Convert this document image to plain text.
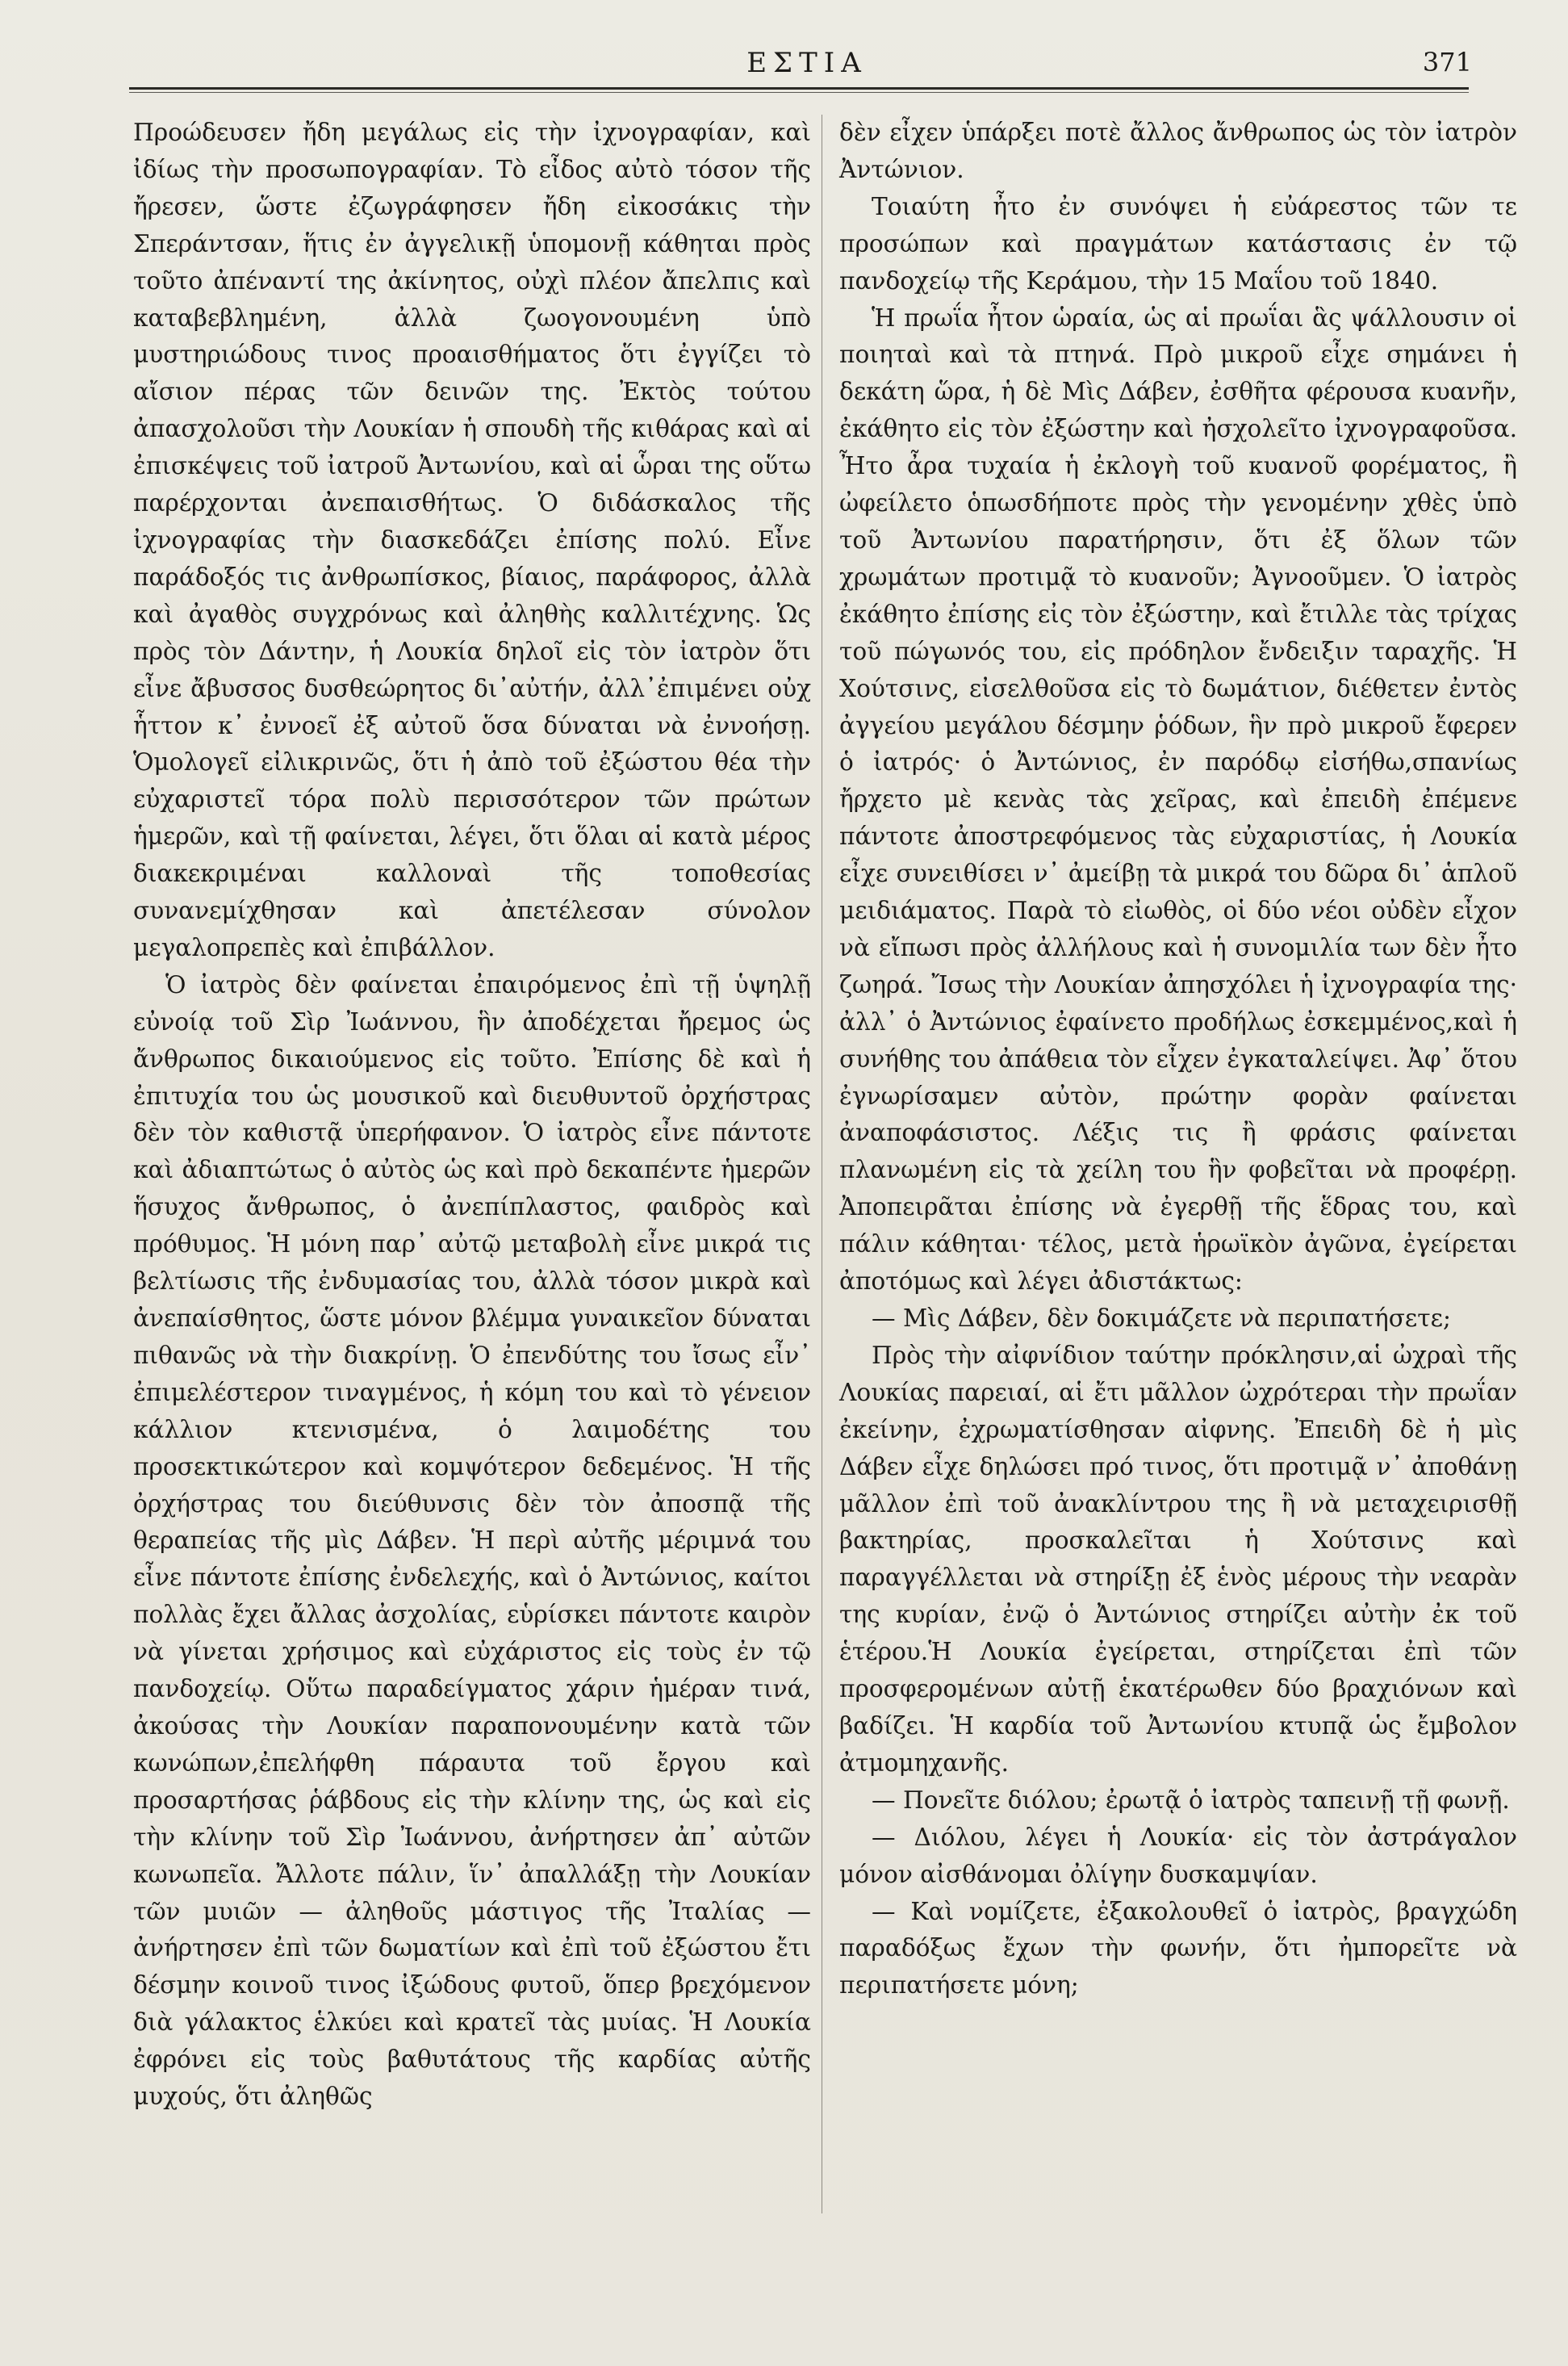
ΕΣΤΙΑ	371

Προώδευσεν ἤδη μεγάλως εἰς τὴν ἰχνογραφίαν, καὶ ἰδίως τὴν προσωπογραφίαν. Τὸ εἶδος αὐτὸ τόσον τῆς ἤρεσεν, ὥστε ἐζωγράφησεν ἤδη εἰκοσάκις τὴν Σπεράντσαν, ἥτις ἐν ἀγγελικῇ ὑπομονῇ κάθηται πρὸς τοῦτο ἀπέναντί της ἀκίνητος, οὐχὶ πλέον ἄπελπις καὶ καταβεβλημένη, ἀλλὰ ζωογονουμένη ὑπὸ μυστηριώδους τινος προαισθήματος ὅτι ἐγγίζει τὸ αἴσιον πέρας τῶν δεινῶν της. Ἐκτὸς τούτου ἀπασχολοῦσι τὴν Λουκίαν ἡ σπουδὴ τῆς κιθάρας καὶ αἱ ἐπισκέψεις τοῦ ἰατροῦ Ἀντωνίου, καὶ αἱ ὧραι της οὕτω παρέρχονται ἀνεπαισθήτως. Ὁ διδάσκαλος τῆς ἰχνογραφίας τὴν διασκεδάζει ἐπίσης πολύ. Εἶνε παράδοξός τις ἀνθρωπίσκος, βίαιος, παράφορος, ἀλλὰ καὶ ἀγαθὸς συγχρόνως καὶ ἀληθὴς καλλιτέχνης. Ὡς πρὸς τὸν Δάντην, ἡ Λουκία δηλοῖ εἰς τὸν ἰατρὸν ὅτι εἶνε ἄβυσσος δυσθεώρητος δι᾽αὐτήν, ἀλλ᾽ἐπιμένει οὐχ ἧττον κ᾽ ἐννοεῖ ἐξ αὐτοῦ ὅσα δύναται νὰ ἐννοήσῃ. Ὁμολογεῖ εἰλικρινῶς, ὅτι ἡ ἀπὸ τοῦ ἐξώστου θέα τὴν εὐχαριστεῖ τόρα πολὺ περισσότερον τῶν πρώτων ἡμερῶν, καὶ τῇ φαίνεται, λέγει, ὅτι ὅλαι αἱ κατὰ μέρος διακεκριμέναι καλλοναὶ τῆς τοποθεσίας συνανεμίχθησαν καὶ ἀπετέλεσαν σύνολον μεγαλοπρεπὲς καὶ ἐπιβάλλον.

Ὁ ἰατρὸς δὲν φαίνεται ἐπαιρόμενος ἐπὶ τῇ ὑψηλῇ εὐνοίᾳ τοῦ Σὶρ Ἰωάννου, ἣν ἀποδέχεται ἤρεμος ὡς ἄνθρωπος δικαιούμενος εἰς τοῦτο. Ἐπίσης δὲ καὶ ἡ ἐπιτυχία του ὡς μουσικοῦ καὶ διευθυντοῦ ὀρχήστρας δὲν τὸν καθιστᾷ ὑπερήφανον. Ὁ ἰατρὸς εἶνε πάντοτε καὶ ἀδιαπτώτως ὁ αὐτὸς ὡς καὶ πρὸ δεκαπέντε ἡμερῶν ἥσυχος ἄνθρωπος, ὁ ἀνεπίπλαστος, φαιδρὸς καὶ πρόθυμος. Ἡ μόνη παρ᾽ αὐτῷ μεταβολὴ εἶνε μικρά τις βελτίωσις τῆς ἐνδυμασίας του, ἀλλὰ τόσον μικρὰ καὶ ἀνεπαίσθητος, ὥστε μόνον βλέμμα γυναικεῖον δύναται πιθανῶς νὰ τὴν διακρίνῃ. Ὁ ἐπενδύτης του ἴσως εἶν᾽ ἐπιμελέστερον τιναγμένος, ἡ κόμη του καὶ τὸ γένειον κάλλιον κτενισμένα, ὁ λαιμοδέτης του προσεκτικώτερον καὶ κομψότερον δεδεμένος. Ἡ τῆς ὀρχήστρας του διεύθυνσις δὲν τὸν ἀποσπᾷ τῆς θεραπείας τῆς μὶς Δάβεν. Ἡ περὶ αὐτῆς μέριμνά του εἶνε πάντοτε ἐπίσης ἐνδελεχής, καὶ ὁ Ἀντώνιος, καίτοι πολλὰς ἔχει ἄλλας ἀσχολίας, εὑρίσκει πάντοτε καιρὸν νὰ γίνεται χρήσιμος καὶ εὐχάριστος εἰς τοὺς ἐν τῷ πανδοχείῳ. Οὕτω παραδείγματος χάριν ἡμέραν τινά, ἀκούσας τὴν Λουκίαν παραπονουμένην κατὰ τῶν κωνώπων,ἐπελήφθη πάραυτα τοῦ ἔργου καὶ προσαρτήσας ῥάβδους εἰς τὴν κλίνην της, ὡς καὶ εἰς τὴν κλίνην τοῦ Σὶρ Ἰωάννου, ἀνήρτησεν ἀπ᾽ αὐτῶν κωνωπεῖα. Ἄλλοτε πάλιν, ἵν᾽ ἀπαλλάξῃ τὴν Λουκίαν τῶν μυιῶν — ἀληθοῦς μάστιγος τῆς Ἰταλίας — ἀνήρτησεν ἐπὶ τῶν δωματίων καὶ ἐπὶ τοῦ ἐξώστου ἔτι δέσμην κοινοῦ τινος ἰξώδους φυτοῦ, ὅπερ βρεχόμενον διὰ γάλακτος ἑλκύει καὶ κρατεῖ τὰς μυίας. Ἡ Λουκία ἐφρόνει εἰς τοὺς βαθυτάτους τῆς καρδίας αὐτῆς μυχούς, ὅτι ἀληθῶς

δὲν εἶχεν ὑπάρξει ποτὲ ἄλλος ἄνθρωπος ὡς τὸν ἰατρὸν Ἀντώνιον.

Τοιαύτη ἦτο ἐν συνόψει ἡ εὐάρεστος τῶν τε προσώπων καὶ πραγμάτων κατάστασις ἐν τῷ πανδοχείῳ τῆς Κεράμου, τὴν 15 Μαΐου τοῦ 1840.

Ἡ πρωΐα ἦτον ὡραία, ὡς αἱ πρωΐαι ἃς ψάλλουσιν οἱ ποιηταὶ καὶ τὰ πτηνά. Πρὸ μικροῦ εἶχε σημάνει ἡ δεκάτη ὥρα, ἡ δὲ Μὶς Δάβεν, ἐσθῆτα φέρουσα κυανῆν, ἐκάθητο εἰς τὸν ἐξώστην καὶ ἠσχολεῖτο ἰχνογραφοῦσα. Ἦτο ἆρα τυχαία ἡ ἐκλογὴ τοῦ κυανοῦ φορέματος, ἢ ὠφείλετο ὁπωσδήποτε πρὸς τὴν γενομένην χθὲς ὑπὸ τοῦ Ἀντωνίου παρατήρησιν, ὅτι ἐξ ὅλων τῶν χρωμάτων προτιμᾷ τὸ κυανοῦν; Ἀγνοοῦμεν. Ὁ ἰατρὸς ἐκάθητο ἐπίσης εἰς τὸν ἐξώστην, καὶ ἔτιλλε τὰς τρίχας τοῦ πώγωνός του, εἰς πρόδηλον ἔνδειξιν ταραχῆς. Ἡ Χούτσινς, εἰσελθοῦσα εἰς τὸ δωμάτιον, διέθετεν ἐντὸς ἀγγείου μεγάλου δέσμην ῥόδων, ἣν πρὸ μικροῦ ἔφερεν ὁ ἰατρός· ὁ Ἀντώνιος, ἐν παρόδῳ εἰσήθω,σπανίως ἤρχετο μὲ κενὰς τὰς χεῖρας, καὶ ἐπειδὴ ἐπέμενε πάντοτε ἀποστρεφόμενος τὰς εὐχαριστίας, ἡ Λουκία εἶχε συνειθίσει ν᾽ ἀμείβῃ τὰ μικρά του δῶρα δι᾽ ἁπλοῦ μειδιάματος. Παρὰ τὸ εἰωθὸς, οἱ δύο νέοι οὐδὲν εἶχον νὰ εἴπωσι πρὸς ἀλλήλους καὶ ἡ συνομιλία των δὲν ἦτο ζωηρά. Ἴσως τὴν Λουκίαν ἀπησχόλει ἡ ἰχνογραφία της· ἀλλ᾽ ὁ Ἀντώνιος ἐφαίνετο προδήλως ἐσκεμμένος,καὶ ἡ συνήθης του ἀπάθεια τὸν εἶχεν ἐγκαταλείψει. Ἀφ᾽ ὅτου ἐγνωρίσαμεν αὐτὸν, πρώτην φορὰν φαίνεται ἀναποφάσιστος. Λέξις τις ἢ φράσις φαίνεται πλανωμένη εἰς τὰ χείλη του ἣν φοβεῖται νὰ προφέρῃ. Ἀποπειρᾶται ἐπίσης νὰ ἐγερθῇ τῆς ἕδρας του, καὶ πάλιν κάθηται· τέλος, μετὰ ἡρωϊκὸν ἀγῶνα, ἐγείρεται ἀποτόμως καὶ λέγει ἀδιστάκτως:

— Μὶς Δάβεν, δὲν δοκιμάζετε νὰ περιπατήσετε;

Πρὸς τὴν αἰφνίδιον ταύτην πρόκλησιν,αἱ ὠχραὶ τῆς Λουκίας παρειαί, αἱ ἔτι μᾶλλον ὠχρότεραι τὴν πρωΐαν ἐκείνην, ἐχρωματίσθησαν αἰφνης. Ἐπειδὴ δὲ ἡ μὶς Δάβεν εἶχε δηλώσει πρό τινος, ὅτι προτιμᾷ ν᾽ ἀποθάνῃ μᾶλλον ἐπὶ τοῦ ἀνακλίντρου της ἢ νὰ μεταχειρισθῇ βακτηρίας, προσκαλεῖται ἡ Χούτσινς καὶ παραγγέλλεται νὰ στηρίξῃ ἐξ ἑνὸς μέρους τὴν νεαρὰν της κυρίαν, ἐνῷ ὁ Ἀντώνιος στηρίζει αὐτὴν ἐκ τοῦ ἑτέρου.Ἡ Λουκία ἐγείρεται, στηρίζεται ἐπὶ τῶν προσφερομένων αὐτῇ ἑκατέρωθεν δύο βραχιόνων καὶ βαδίζει. Ἡ καρδία τοῦ Ἀντωνίου κτυπᾷ ὡς ἔμβολον ἀτμομηχανῆς.

— Πονεῖτε διόλου; ἐρωτᾷ ὁ ἰατρὸς ταπεινῇ τῇ φωνῇ.

— Διόλου, λέγει ἡ Λουκία· εἰς τὸν ἀστράγαλον μόνον αἰσθάνομαι ὀλίγην δυσκαμψίαν.

— Καὶ νομίζετε, ἐξακολουθεῖ ὁ ἰατρὸς, βραγχώδη παραδόξως ἔχων τὴν φωνήν, ὅτι ἠμπορεῖτε νὰ περιπατήσετε μόνη;
